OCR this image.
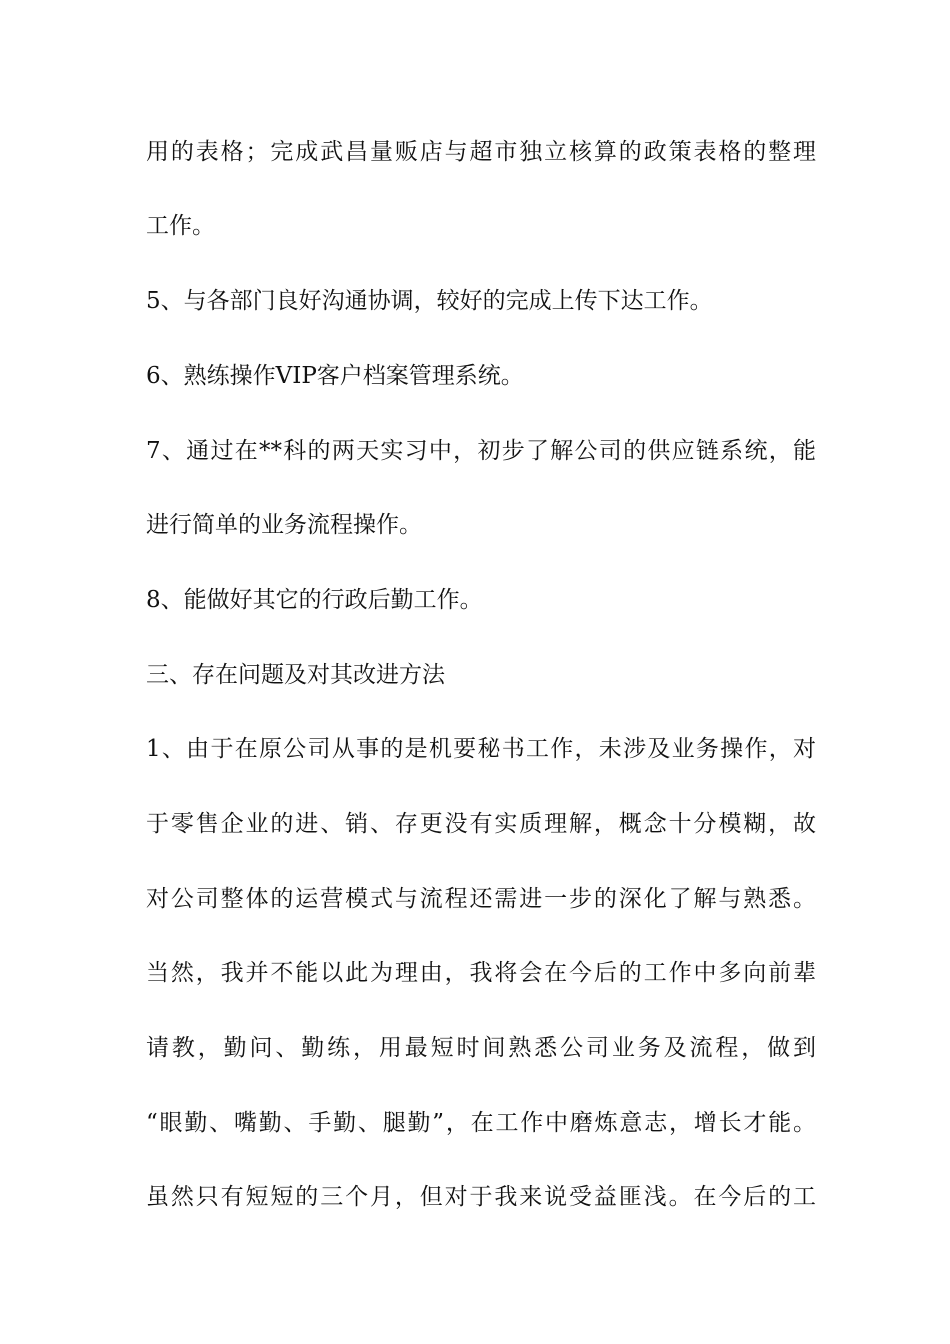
用的表格；完成武昌量贩店与超市独立核算的政策表格的整理
工作。
5、与各部门良好沟通协调，较好的完成上传下达工作。
6、熟练操作VIP客户档案管理系统。
7、通过在**科的两天实习中，初步了解公司的供应链系统，能
进行简单的业务流程操作。
8、能做好其它的行政后勤工作。
三、存在问题及对其改进方法
1、由于在原公司从事的是机要秘书工作，未涉及业务操作，对
于零售企业的进、销、存更没有实质理解，概念十分模糊，故
对公司整体的运营模式与流程还需进一步的深化了解与熟悉。
当然，我并不能以此为理由，我将会在今后的工作中多向前辈
请教，勤问、勤练，用最短时间熟悉公司业务及流程，做到
“眼勤、嘴勤、手勤、腿勤”，在工作中磨炼意志，增长才能。
虽然只有短短的三个月，但对于我来说受益匪浅。在今后的工
